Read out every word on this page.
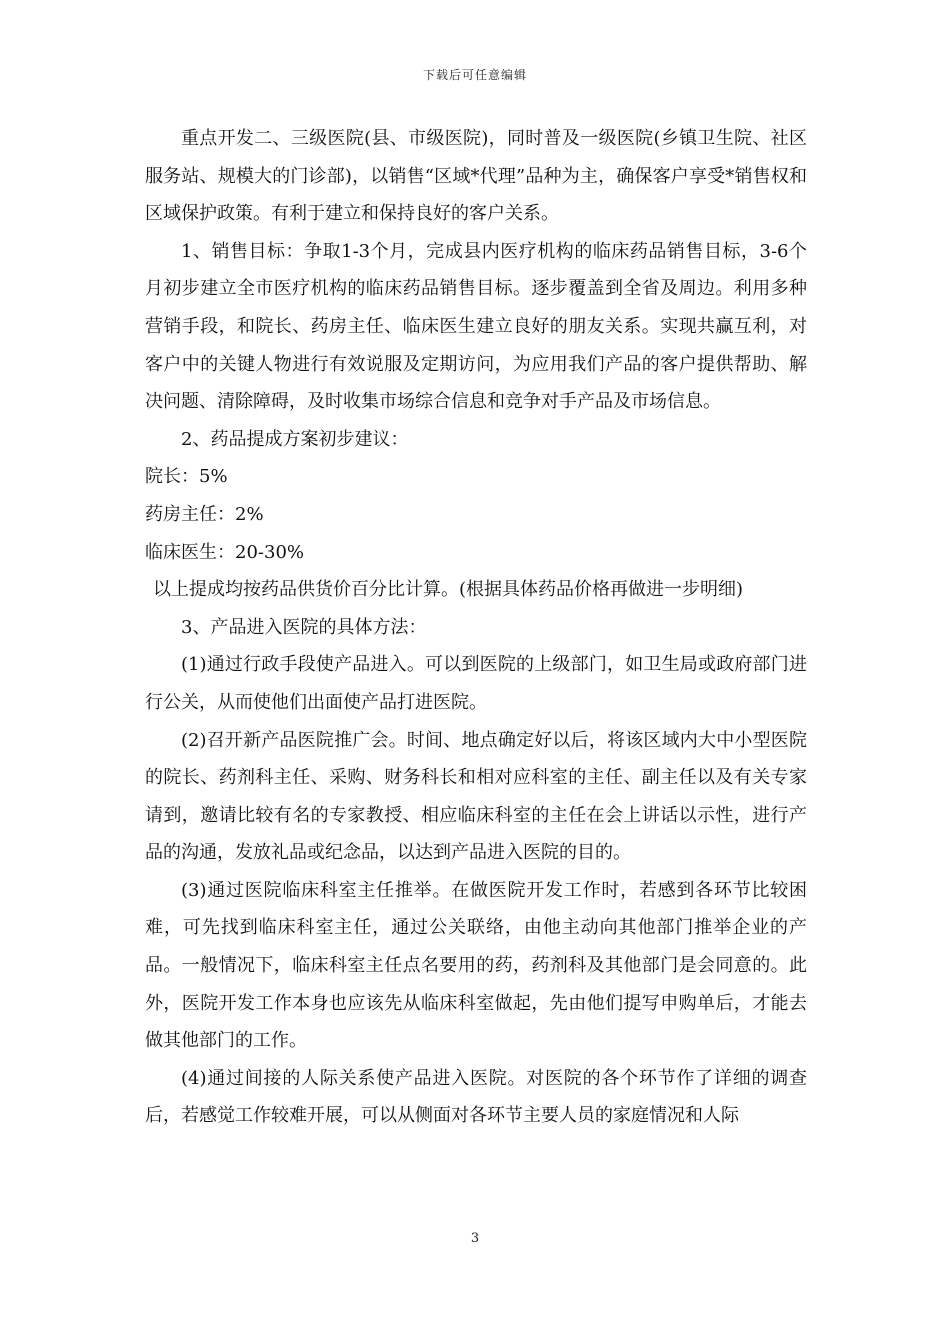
下载后可任意编辑

重点开发二、三级医院(县、市级医院)，同时普及一级医院(乡镇卫生院、社区服务站、规模大的门诊部)，以销售“区域*代理”品种为主，确保客户享受*销售权和区域保护政策。有利于建立和保持良好的客户关系。

1、销售目标：争取1-3个月，完成县内医疗机构的临床药品销售目标，3-6个月初步建立全市医疗机构的临床药品销售目标。逐步覆盖到全省及周边。利用多种营销手段，和院长、药房主任、临床医生建立良好的朋友关系。实现共赢互利，对客户中的关键人物进行有效说服及定期访问，为应用我们产品的客户提供帮助、解决问题、清除障碍，及时收集市场综合信息和竞争对手产品及市场信息。

2、药品提成方案初步建议：

院长：5%

药房主任：2%

临床医生：20-30%

以上提成均按药品供货价百分比计算。(根据具体药品价格再做进一步明细)

3、产品进入医院的具体方法：

(1)通过行政手段使产品进入。可以到医院的上级部门，如卫生局或政府部门进行公关，从而使他们出面使产品打进医院。

(2)召开新产品医院推广会。时间、地点确定好以后，将该区域内大中小型医院的院长、药剂科主任、采购、财务科长和相对应科室的主任、副主任以及有关专家请到，邀请比较有名的专家教授、相应临床科室的主任在会上讲话以示性，进行产品的沟通，发放礼品或纪念品，以达到产品进入医院的目的。

(3)通过医院临床科室主任推举。在做医院开发工作时，若感到各环节比较困难，可先找到临床科室主任，通过公关联络，由他主动向其他部门推举企业的产品。一般情况下，临床科室主任点名要用的药，药剂科及其他部门是会同意的。此外，医院开发工作本身也应该先从临床科室做起，先由他们提写申购单后，才能去做其他部门的工作。

(4)通过间接的人际关系使产品进入医院。对医院的各个环节作了详细的调查后，若感觉工作较难开展，可以从侧面对各环节主要人员的家庭情况和人际

3
